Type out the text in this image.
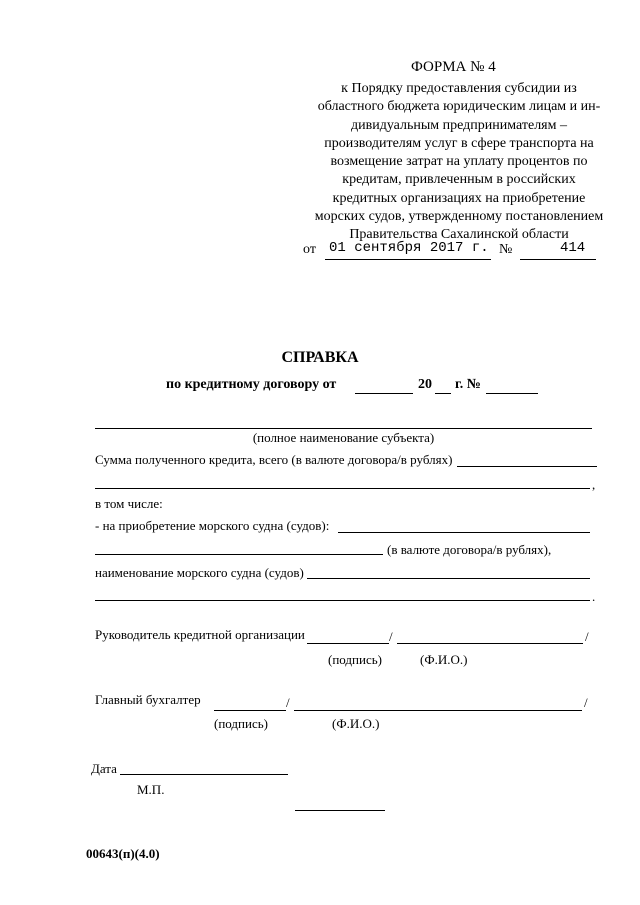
ФОРМА № 4
к Порядку предоставления субсидии из
областного бюджета юридическим лицам и ин-
дивидуальным предпринимателям –
производителям услуг в сфере транспорта на
возмещение затрат на уплату процентов по
кредитам, привлеченным в российских
кредитных организациях на приобретение
морских судов, утвержденному постановлением
Правительства Сахалинской области
от 01 сентября 2017 г. №	414
СПРАВКА
по кредитному договору от	20 г. №
(полное наименование субъекта)
Сумма полученного кредита, всего (в валюте договора/в рублях)
,
в том числе:
- на приобретение морского судна (судов):
(в валюте договора/в рублях),
наименование морского судна (судов)
.
Руководитель кредитной организации	/	/
(подпись)	(Ф.И.О.)
Главный бухгалтер	/	/
(подпись)	(Ф.И.О.)
Дата
М.П.
00643(п)(4.0)
